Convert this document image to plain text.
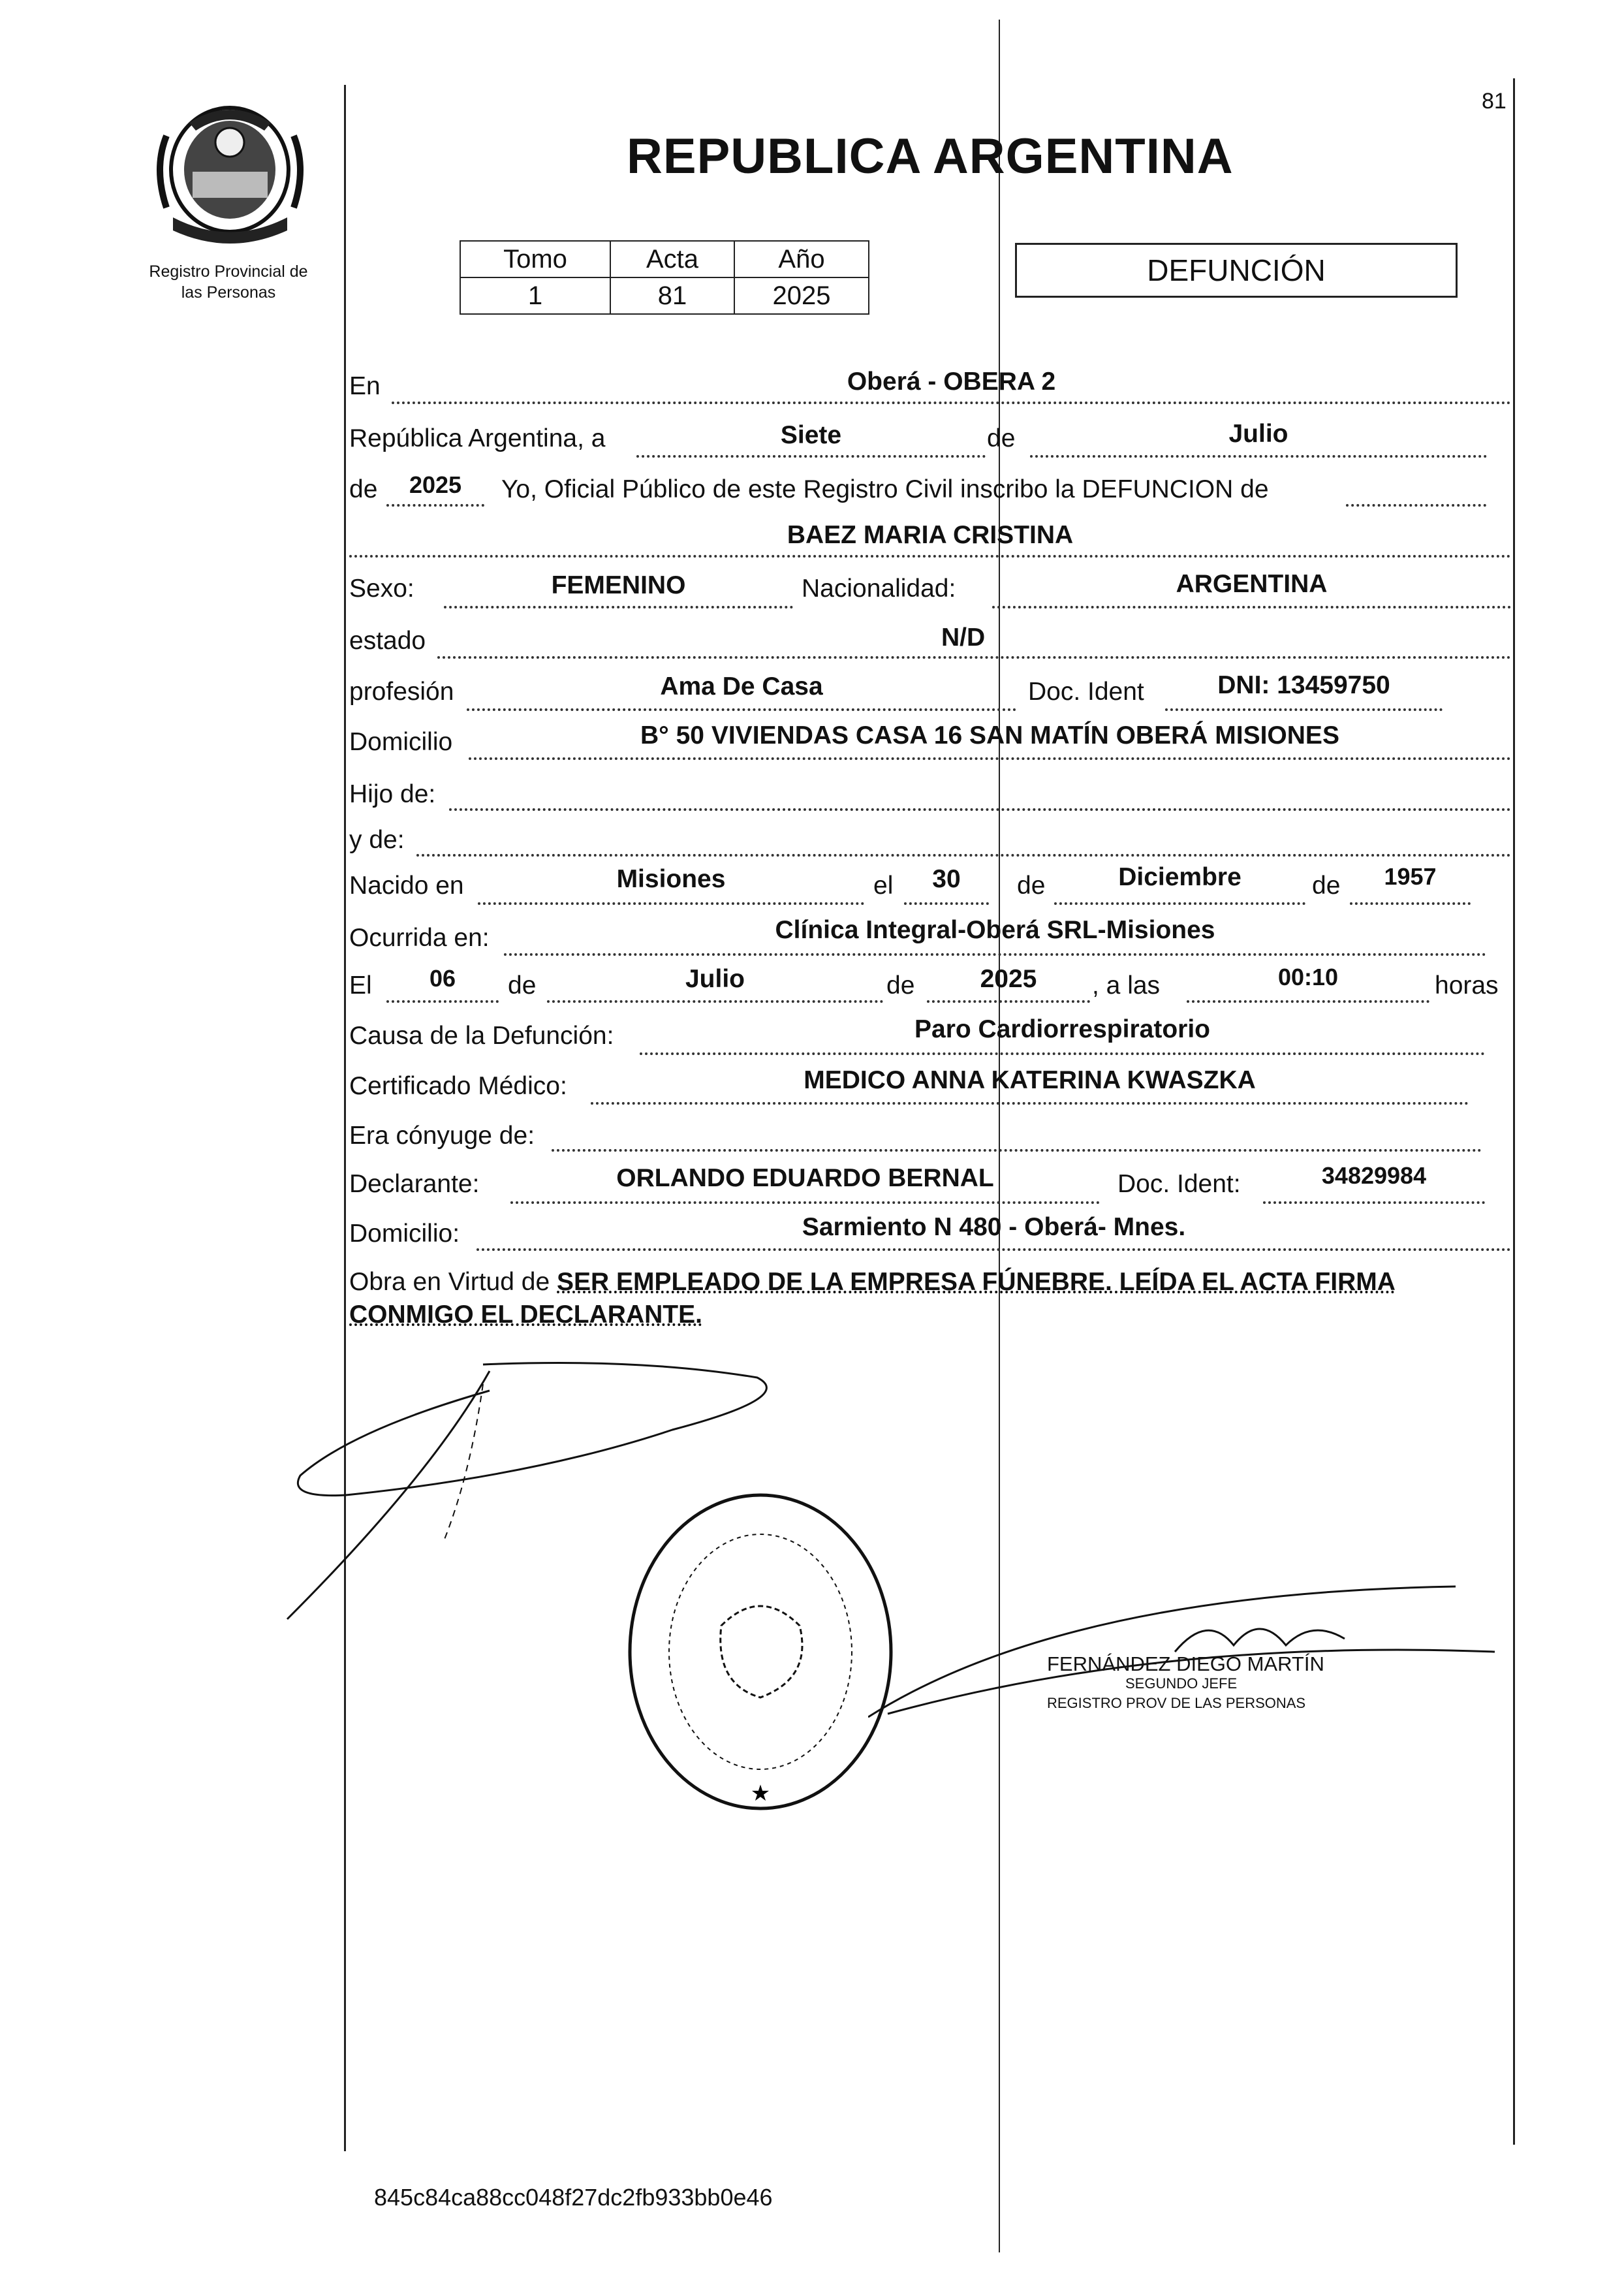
Registro Provincial de
las Personas
REPUBLICA ARGENTINA
81
Tomo	Acta	Año
1	81	2025
DEFUNCIÓN
En	Oberá - OBERA 2
República Argentina, a	Siete	de	Julio
de	2025	Yo, Oficial Público de este Registro Civil inscribo la DEFUNCION de
BAEZ MARIA CRISTINA
Sexo:	FEMENINO	Nacionalidad:	ARGENTINA
estado	N/D
profesión	Ama De Casa	Doc. Ident	DNI: 13459750
Domicilio	B° 50 VIVIENDAS CASA 16 SAN MATÍN OBERÁ MISIONES
Hijo de:
y de:
Nacido en	Misiones	el	30	de	Diciembre	de	1957
Ocurrida en:	Clínica Integral-Oberá SRL-Misiones
El	06	de	Julio	de	2025	, a las	00:10	horas
Causa de la Defunción:	Paro Cardiorrespiratorio
Certificado Médico:	MEDICO ANNA KATERINA KWASZKA
Era cónyuge de:
Declarante:	ORLANDO EDUARDO BERNAL	Doc. Ident:	34829984
Domicilio:	Sarmiento N 480 - Oberá- Mnes.
Obra en Virtud de SER EMPLEADO DE LA EMPRESA FÚNEBRE. LEÍDA EL ACTA FIRMA
CONMIGO EL DECLARANTE.
★
FERNÁNDEZ DIEGO MARTÍN
SEGUNDO JEFE
REGISTRO PROV DE LAS PERSONAS
845c84ca88cc048f27dc2fb933bb0e46
